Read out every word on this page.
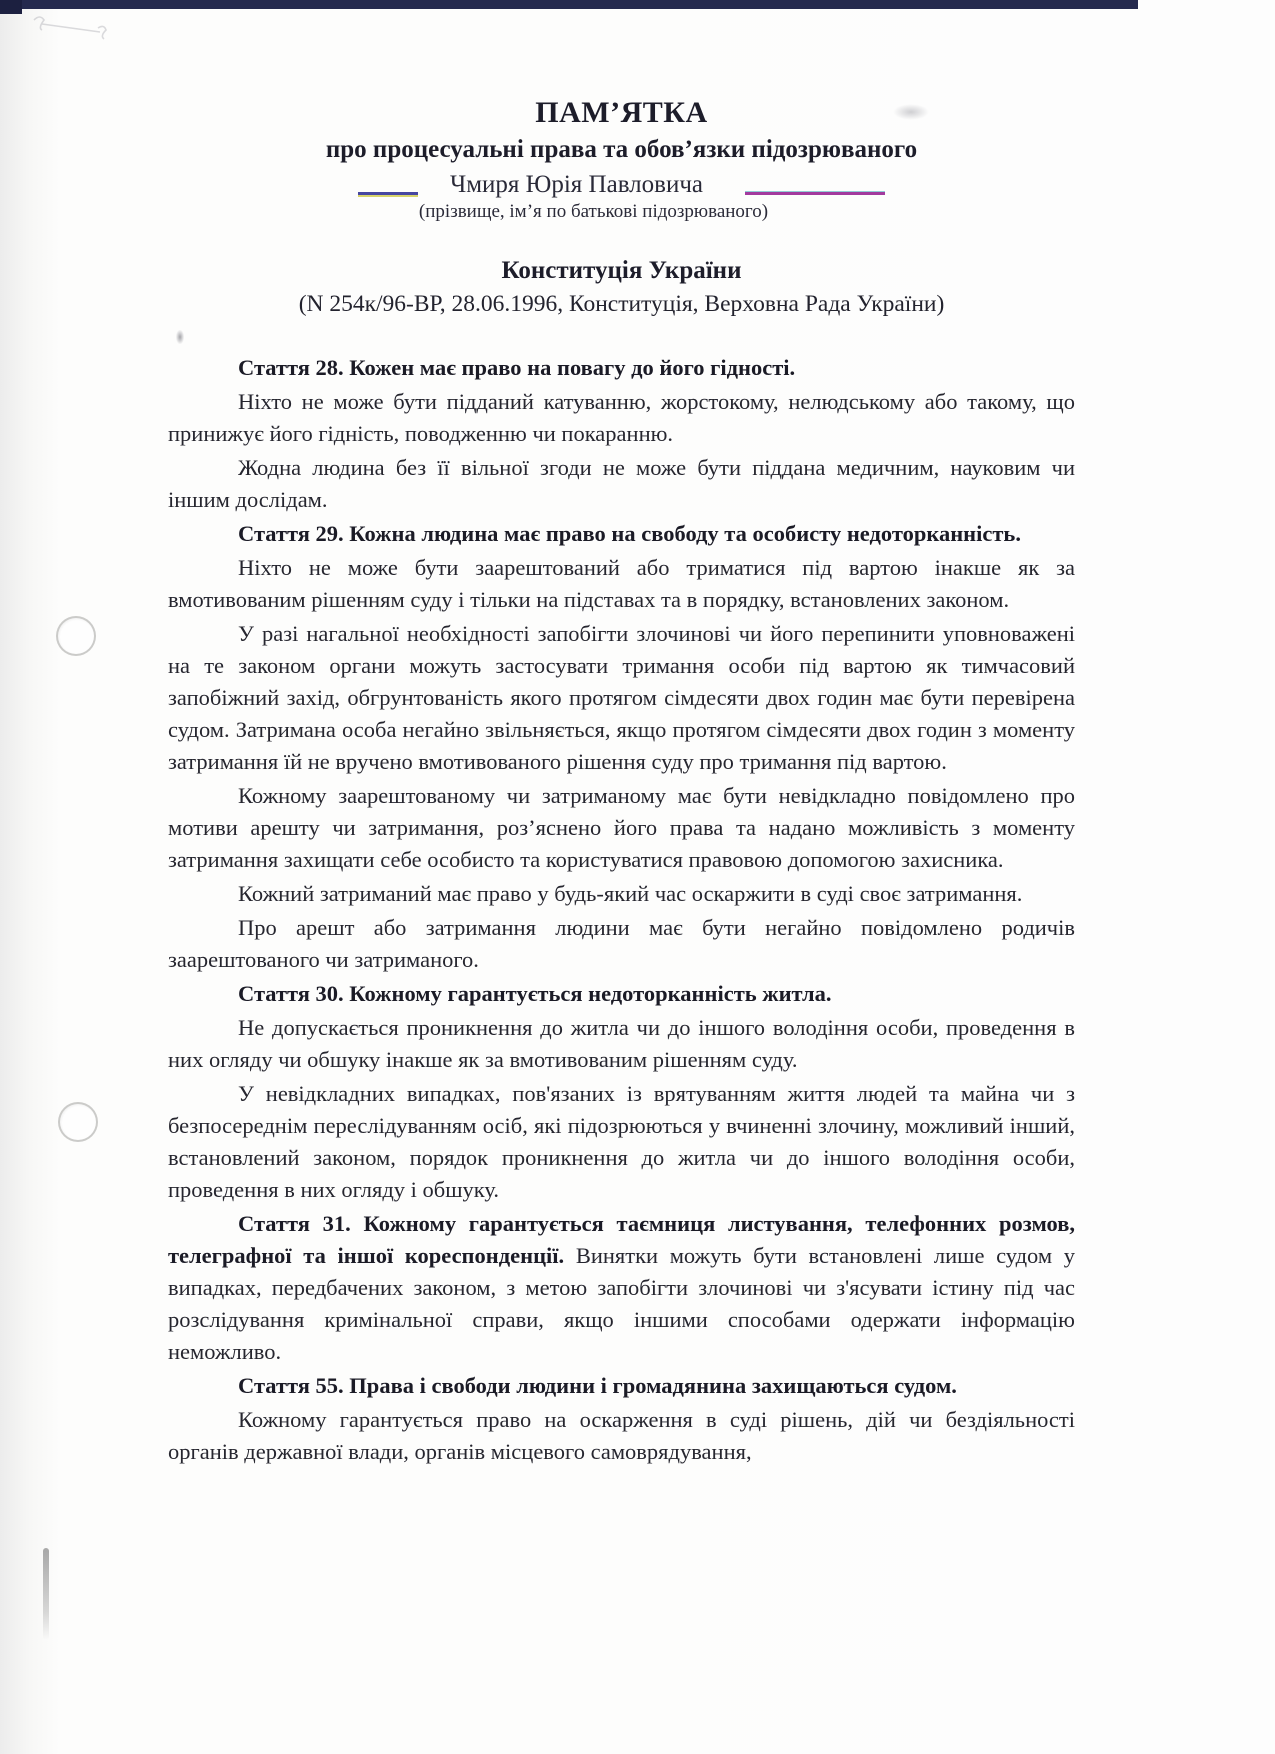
ПАМ’ЯТКА
про процесуальні права та обов’язки підозрюваного
Чмиря Юрія Павловича
(прізвище, ім’я по батькові підозрюваного)
Конституція України
(N 254к/96-ВР, 28.06.1996, Конституція, Верховна Рада України)

Стаття 28. Кожен має право на повагу до його гідності.

Ніхто не може бути підданий катуванню, жорстокому, нелюдському або такому, що принижує його гідність, поводженню чи покаранню.

Жодна людина без її вільної згоди не може бути піддана медичним, науковим чи іншим дослідам.

Стаття 29. Кожна людина має право на свободу та особисту недоторканність.

Ніхто не може бути заарештований або триматися під вартою інакше як за вмотивованим рішенням суду і тільки на підставах та в порядку, встановлених законом.

У разі нагальної необхідності запобігти злочинові чи його перепинити уповноважені на те законом органи можуть застосувати тримання особи під вартою як тимчасовий запобіжний захід, обгрунтованість якого протягом сімдесяти двох годин має бути перевірена судом. Затримана особа негайно звільняється, якщо протягом сімдесяти двох годин з моменту затримання їй не вручено вмотивованого рішення суду про тримання під вартою.

Кожному заарештованому чи затриманому має бути невідкладно повідомлено про мотиви арешту чи затримання, роз’яснено його права та надано можливість з моменту затримання захищати себе особисто та користуватися правовою допомогою захисника.

Кожний затриманий має право у будь-який час оскаржити в суді своє затримання.

Про арешт або затримання людини має бути негайно повідомлено родичів заарештованого чи затриманого.

Стаття 30. Кожному гарантується недоторканність житла.

Не допускається проникнення до житла чи до іншого володіння особи, проведення в них огляду чи обшуку інакше як за вмотивованим рішенням суду.

У невідкладних випадках, пов'язаних із врятуванням життя людей та майна чи з безпосереднім переслідуванням осіб, які підозрюються у вчиненні злочину, можливий інший, встановлений законом, порядок проникнення до житла чи до іншого володіння особи, проведення в них огляду і обшуку.

Стаття 31. Кожному гарантується таємниця листування, телефонних розмов, телеграфної та іншої кореспонденції. Винятки можуть бути встановлені лише судом у випадках, передбачених законом, з метою запобігти злочинові чи з'ясувати істину під час розслідування кримінальної справи, якщо іншими способами одержати інформацію неможливо.

Стаття 55. Права і свободи людини і громадянина захищаються судом.

Кожному гарантується право на оскарження в суді рішень, дій чи бездіяльності органів державної влади, органів місцевого самоврядування,
